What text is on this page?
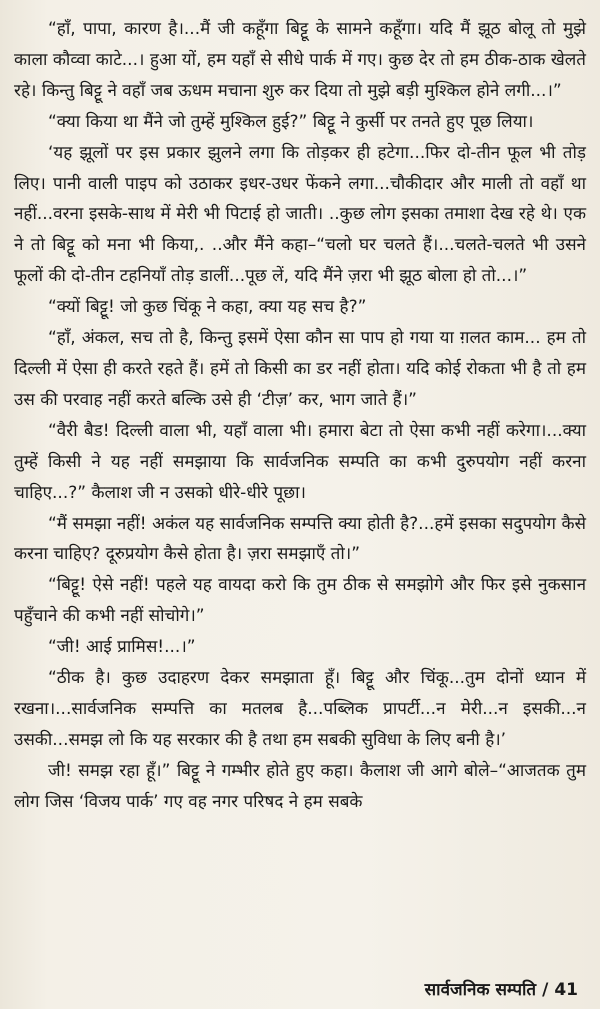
“हाँ, पापा, कारण है।...मैं जी कहूँगा बिट्टू के सामने कहूँगा। यदि मैं झूठ बोलू तो मुझे काला कौव्वा काटे...। हुआ यों, हम यहाँ से सीधे पार्क में गए। कुछ देर तो हम ठीक-ठाक खेलते रहे। किन्तु बिट्टू ने वहाँ जब ऊधम मचाना शुरु कर दिया तो मुझे बड़ी मुश्किल होने लगी...।”

“क्या किया था मैंने जो तुम्हें मुश्किल हुई?” बिट्टू ने कुर्सी पर तनते हुए पूछ लिया।

‘यह झूलों पर इस प्रकार झुलने लगा कि तोड़कर ही हटेगा...फिर दो-तीन फूल भी तोड़ लिए। पानी वाली पाइप को उठाकर इधर-उधर फेंकने लगा...चौकीदार और माली तो वहाँ था नहीं...वरना इसके-साथ में मेरी भी पिटाई हो जाती। ..कुछ लोग इसका तमाशा देख रहे थे। एक ने तो बिट्टू को मना भी किया,. ..और मैंने कहा–“चलो घर चलते हैं।...चलते-चलते भी उसने फूलों की दो-तीन टहनियाँ तोड़ डालीं...पूछ लें, यदि मैंने ज़रा भी झूठ बोला हो तो...।”

“क्यों बिट्टू! जो कुछ चिंकू ने कहा, क्या यह सच है?”

“हाँ, अंकल, सच तो है, किन्तु इसमें ऐसा कौन सा पाप हो गया या ग़लत काम... हम तो दिल्ली में ऐसा ही करते रहते हैं। हमें तो किसी का डर नहीं होता। यदि कोई रोकता भी है तो हम उस की परवाह नहीं करते बल्कि उसे ही ‘टीज़’ कर, भाग जाते हैं।”

“वैरी बैड! दिल्ली वाला भी, यहाँ वाला भी। हमारा बेटा तो ऐसा कभी नहीं करेगा।...क्या तुम्हें किसी ने यह नहीं समझाया कि सार्वजनिक सम्पति का कभी दुरुपयोग नहीं करना चाहिए...?” कैलाश जी न उसको धीरे-धीरे पूछा।

“मैं समझा नहीं! अकंल यह सार्वजनिक सम्पत्ति क्या होती है?...हमें इसका सदुपयोग कैसे करना चाहिए? दूरुप्रयोग कैसे होता है। ज़रा समझाएँ तो।”

“बिट्टू! ऐसे नहीं! पहले यह वायदा करो कि तुम ठीक से समझोगे और फिर इसे नुकसान पहुँचाने की कभी नहीं सोचोगे।”

“जी! आई प्रामिस!...।”

“ठीक है। कुछ उदाहरण देकर समझाता हूँ। बिट्टू और चिंकू...तुम दोनों ध्यान में रखना।...सार्वजनिक सम्पत्ति का मतलब है...पब्लिक प्रापर्टी...न मेरी...न इसकी...न उसकी...समझ लो कि यह सरकार की है तथा हम सबकी सुविधा के लिए बनी है।’

जी! समझ रहा हूँ।” बिट्टू ने गम्भीर होते हुए कहा। कैलाश जी आगे बोले–“आजतक तुम लोग जिस ‘विजय पार्क’ गए वह नगर परिषद ने हम सबके

सार्वजनिक सम्पति / 41
